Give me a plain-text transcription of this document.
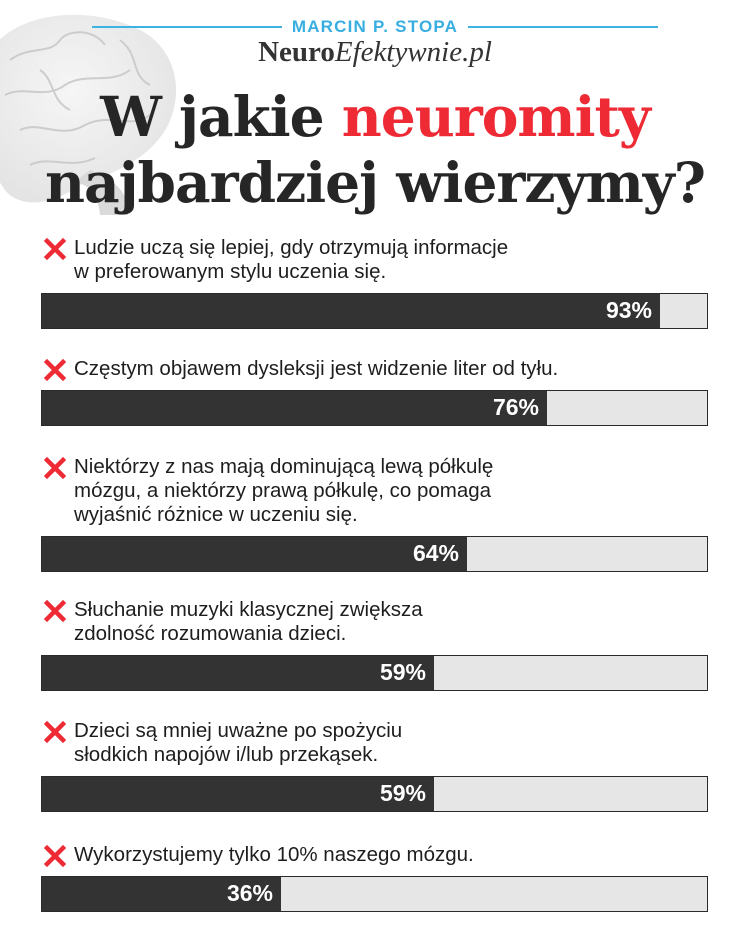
MARCIN P. STOPA
NeuroEfektywnie.pl
W jakie neuromity
najbardziej wierzymy?
Ludzie uczą się lepiej, gdy otrzymują informacje
w preferowanym stylu uczenia się.
93%
Częstym objawem dysleksji jest widzenie liter od tyłu.
76%
Niektórzy z nas mają dominującą lewą półkulę
mózgu, a niektórzy prawą półkulę, co pomaga
wyjaśnić różnice w uczeniu się.
64%
Słuchanie muzyki klasycznej zwiększa
zdolność rozumowania dzieci.
59%
Dzieci są mniej uważne po spożyciu
słodkich napojów i/lub przekąsek.
59%
Wykorzystujemy tylko 10% naszego mózgu.
36%
